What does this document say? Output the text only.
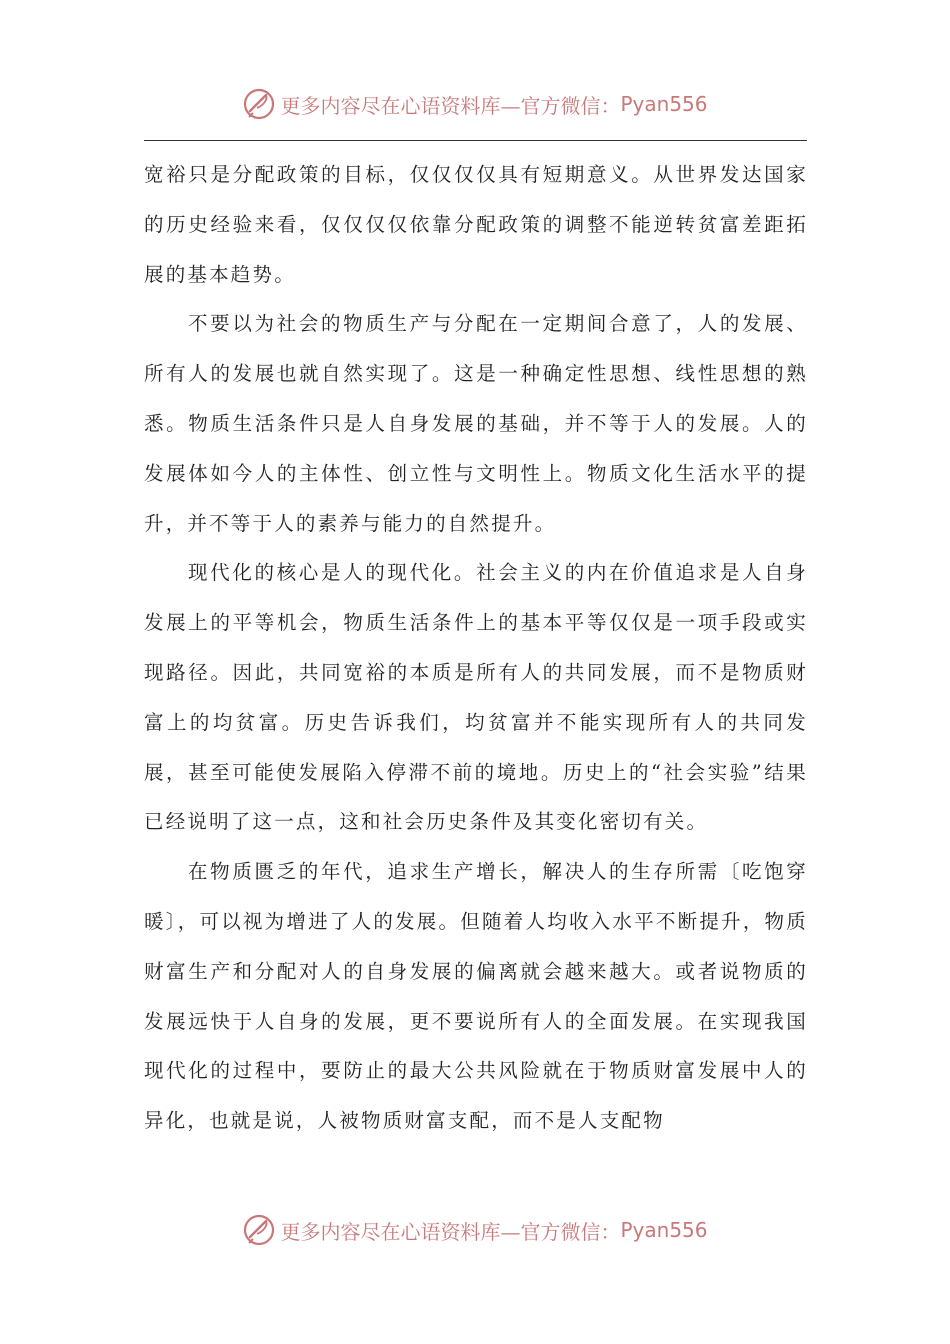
更多内容尽在心语资料库—官方微信： Pyan556

宽裕只是分配政策的目标，仅仅仅仅具有短期意义。从世界发达国家的历史经验来看，仅仅仅仅依靠分配政策的调整不能逆转贫富差距拓展的基本趋势。

不要以为社会的物质生产与分配在一定期间合意了，人的发展、所有人的发展也就自然实现了。这是一种确定性思想、线性思想的熟悉。物质生活条件只是人自身发展的基础，并不等于人的发展。人的发展体如今人的主体性、创立性与文明性上。物质文化生活水平的提升，并不等于人的素养与能力的自然提升。

现代化的核心是人的现代化。社会主义的内在价值追求是人自身发展上的平等机会，物质生活条件上的基本平等仅仅是一项手段或实现路径。因此，共同宽裕的本质是所有人的共同发展，而不是物质财富上的均贫富。历史告诉我们，均贫富并不能实现所有人的共同发展，甚至可能使发展陷入停滞不前的境地。历史上的“社会实验”结果已经说明了这一点，这和社会历史条件及其变化密切有关。

在物质匮乏的年代，追求生产增长，解决人的生存所需〔吃饱穿暖〕，可以视为增进了人的发展。但随着人均收入水平不断提升，物质财富生产和分配对人的自身发展的偏离就会越来越大。或者说物质的发展远快于人自身的发展，更不要说所有人的全面发展。在实现我国现代化的过程中，要防止的最大公共风险就在于物质财富发展中人的异化，也就是说，人被物质财富支配，而不是人支配物

更多内容尽在心语资料库—官方微信： Pyan556
